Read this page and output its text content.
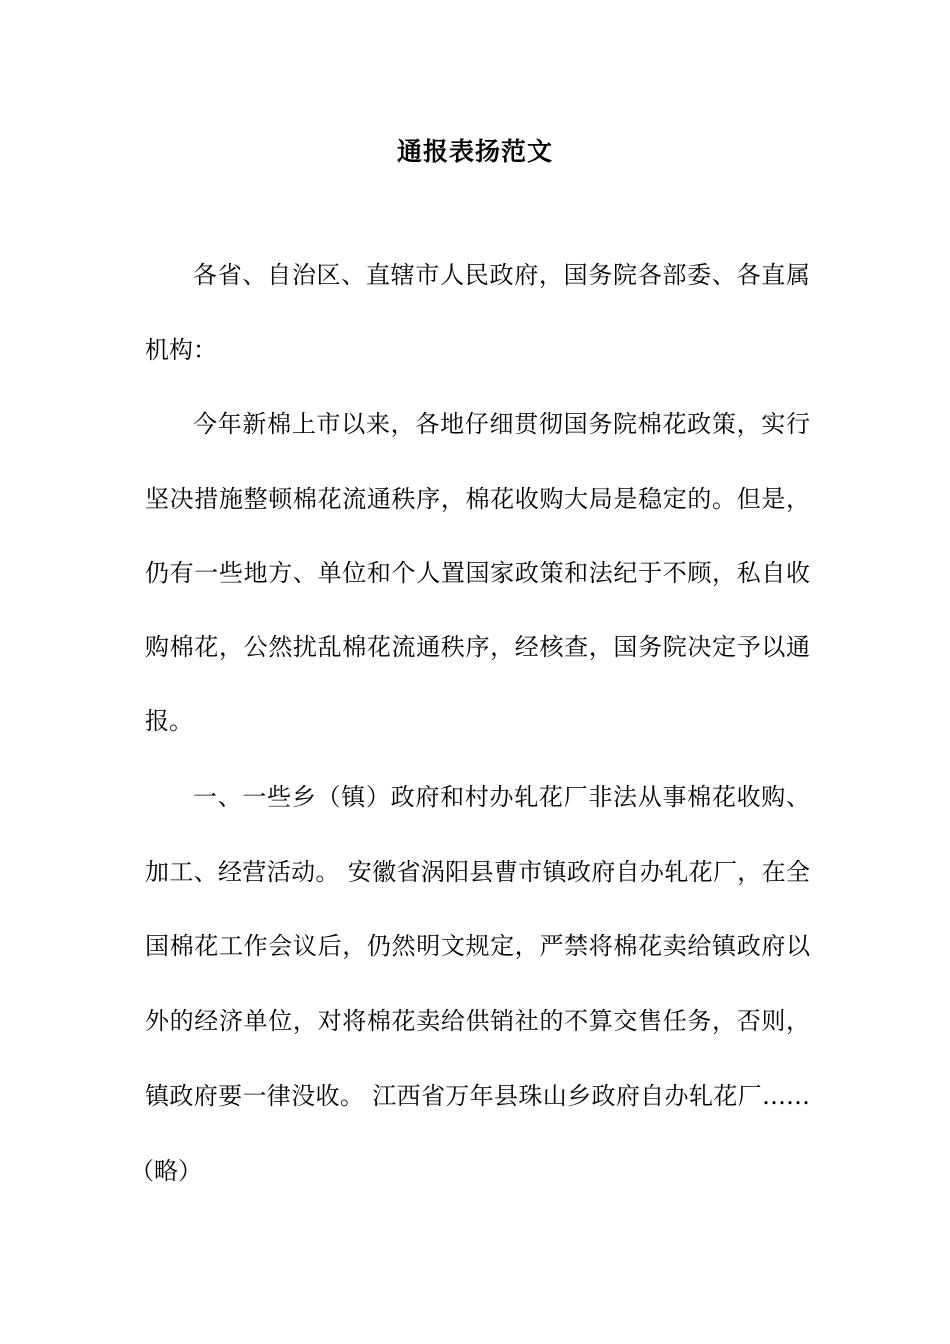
通报表扬范文
各省、自治区、直辖市人民政府，国务院各部委、各直属
机构：
今年新棉上市以来，各地仔细贯彻国务院棉花政策，实行
坚决措施整顿棉花流通秩序，棉花收购大局是稳定的。但是，
仍有一些地方、单位和个人置国家政策和法纪于不顾，私自收
购棉花，公然扰乱棉花流通秩序，经核查，国务院决定予以通
报。
一、一些乡（镇）政府和村办轧花厂非法从事棉花收购、
加工、经营活动。 安徽省涡阳县曹市镇政府自办轧花厂，在全
国棉花工作会议后，仍然明文规定，严禁将棉花卖给镇政府以
外的经济单位，对将棉花卖给供销社的不算交售任务，否则，
镇政府要一律没收。 江西省万年县珠山乡政府自办轧花厂……
（略）
